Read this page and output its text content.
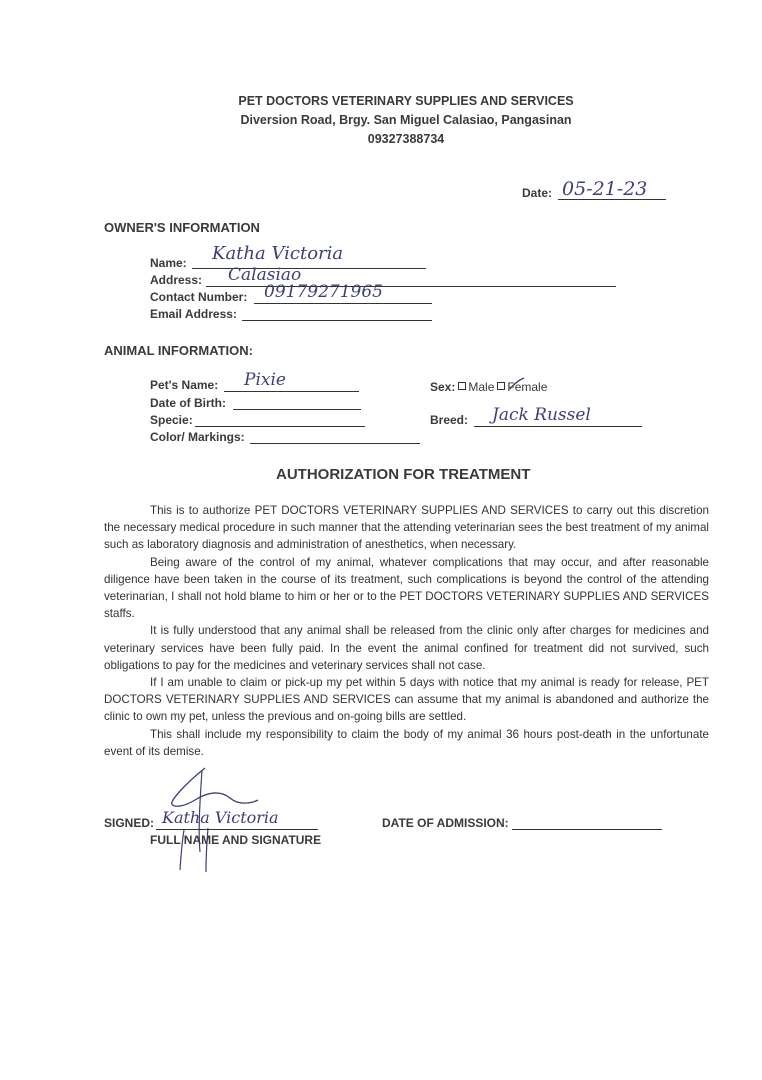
PET DOCTORS VETERINARY SUPPLIES AND SERVICES
Diversion Road, Brgy. San Miguel Calasiao, Pangasinan
09327388734
Date: 05-21-23
OWNER'S INFORMATION
Name: Katha Victoria
Address: Calasiao
Contact Number: 09179271965
Email Address:
ANIMAL INFORMATION:
Pet's Name: Pixie
Date of Birth:
Specie:
Color/ Markings:
Sex: Male Female
Breed: Jack Russel
AUTHORIZATION FOR TREATMENT

This is to authorize PET DOCTORS VETERINARY SUPPLIES AND SERVICES to carry out this discretion the necessary medical procedure in such manner that the attending veterinarian sees the best treatment of my animal such as laboratory diagnosis and administration of anesthetics, when necessary.

Being aware of the control of my animal, whatever complications that may occur, and after reasonable diligence have been taken in the course of its treatment, such complications is beyond the control of the attending veterinarian, I shall not hold blame to him or her or to the PET DOCTORS VETERINARY SUPPLIES AND SERVICES staffs.

It is fully understood that any animal shall be released from the clinic only after charges for medicines and veterinary services have been fully paid. In the event the animal confined for treatment did not survived, such obligations to pay for the medicines and veterinary services shall not case.

If I am unable to claim or pick-up my pet within 5 days with notice that my animal is ready for release, PET DOCTORS VETERINARY SUPPLIES AND SERVICES can assume that my animal is abandoned and authorize the clinic to own my pet, unless the previous and on-going bills are settled.

This shall include my responsibility to claim the body of my animal 36 hours post-death in the unfortunate event of its demise.

SIGNED: Katha Victoria
FULL NAME AND SIGNATURE
DATE OF ADMISSION:
